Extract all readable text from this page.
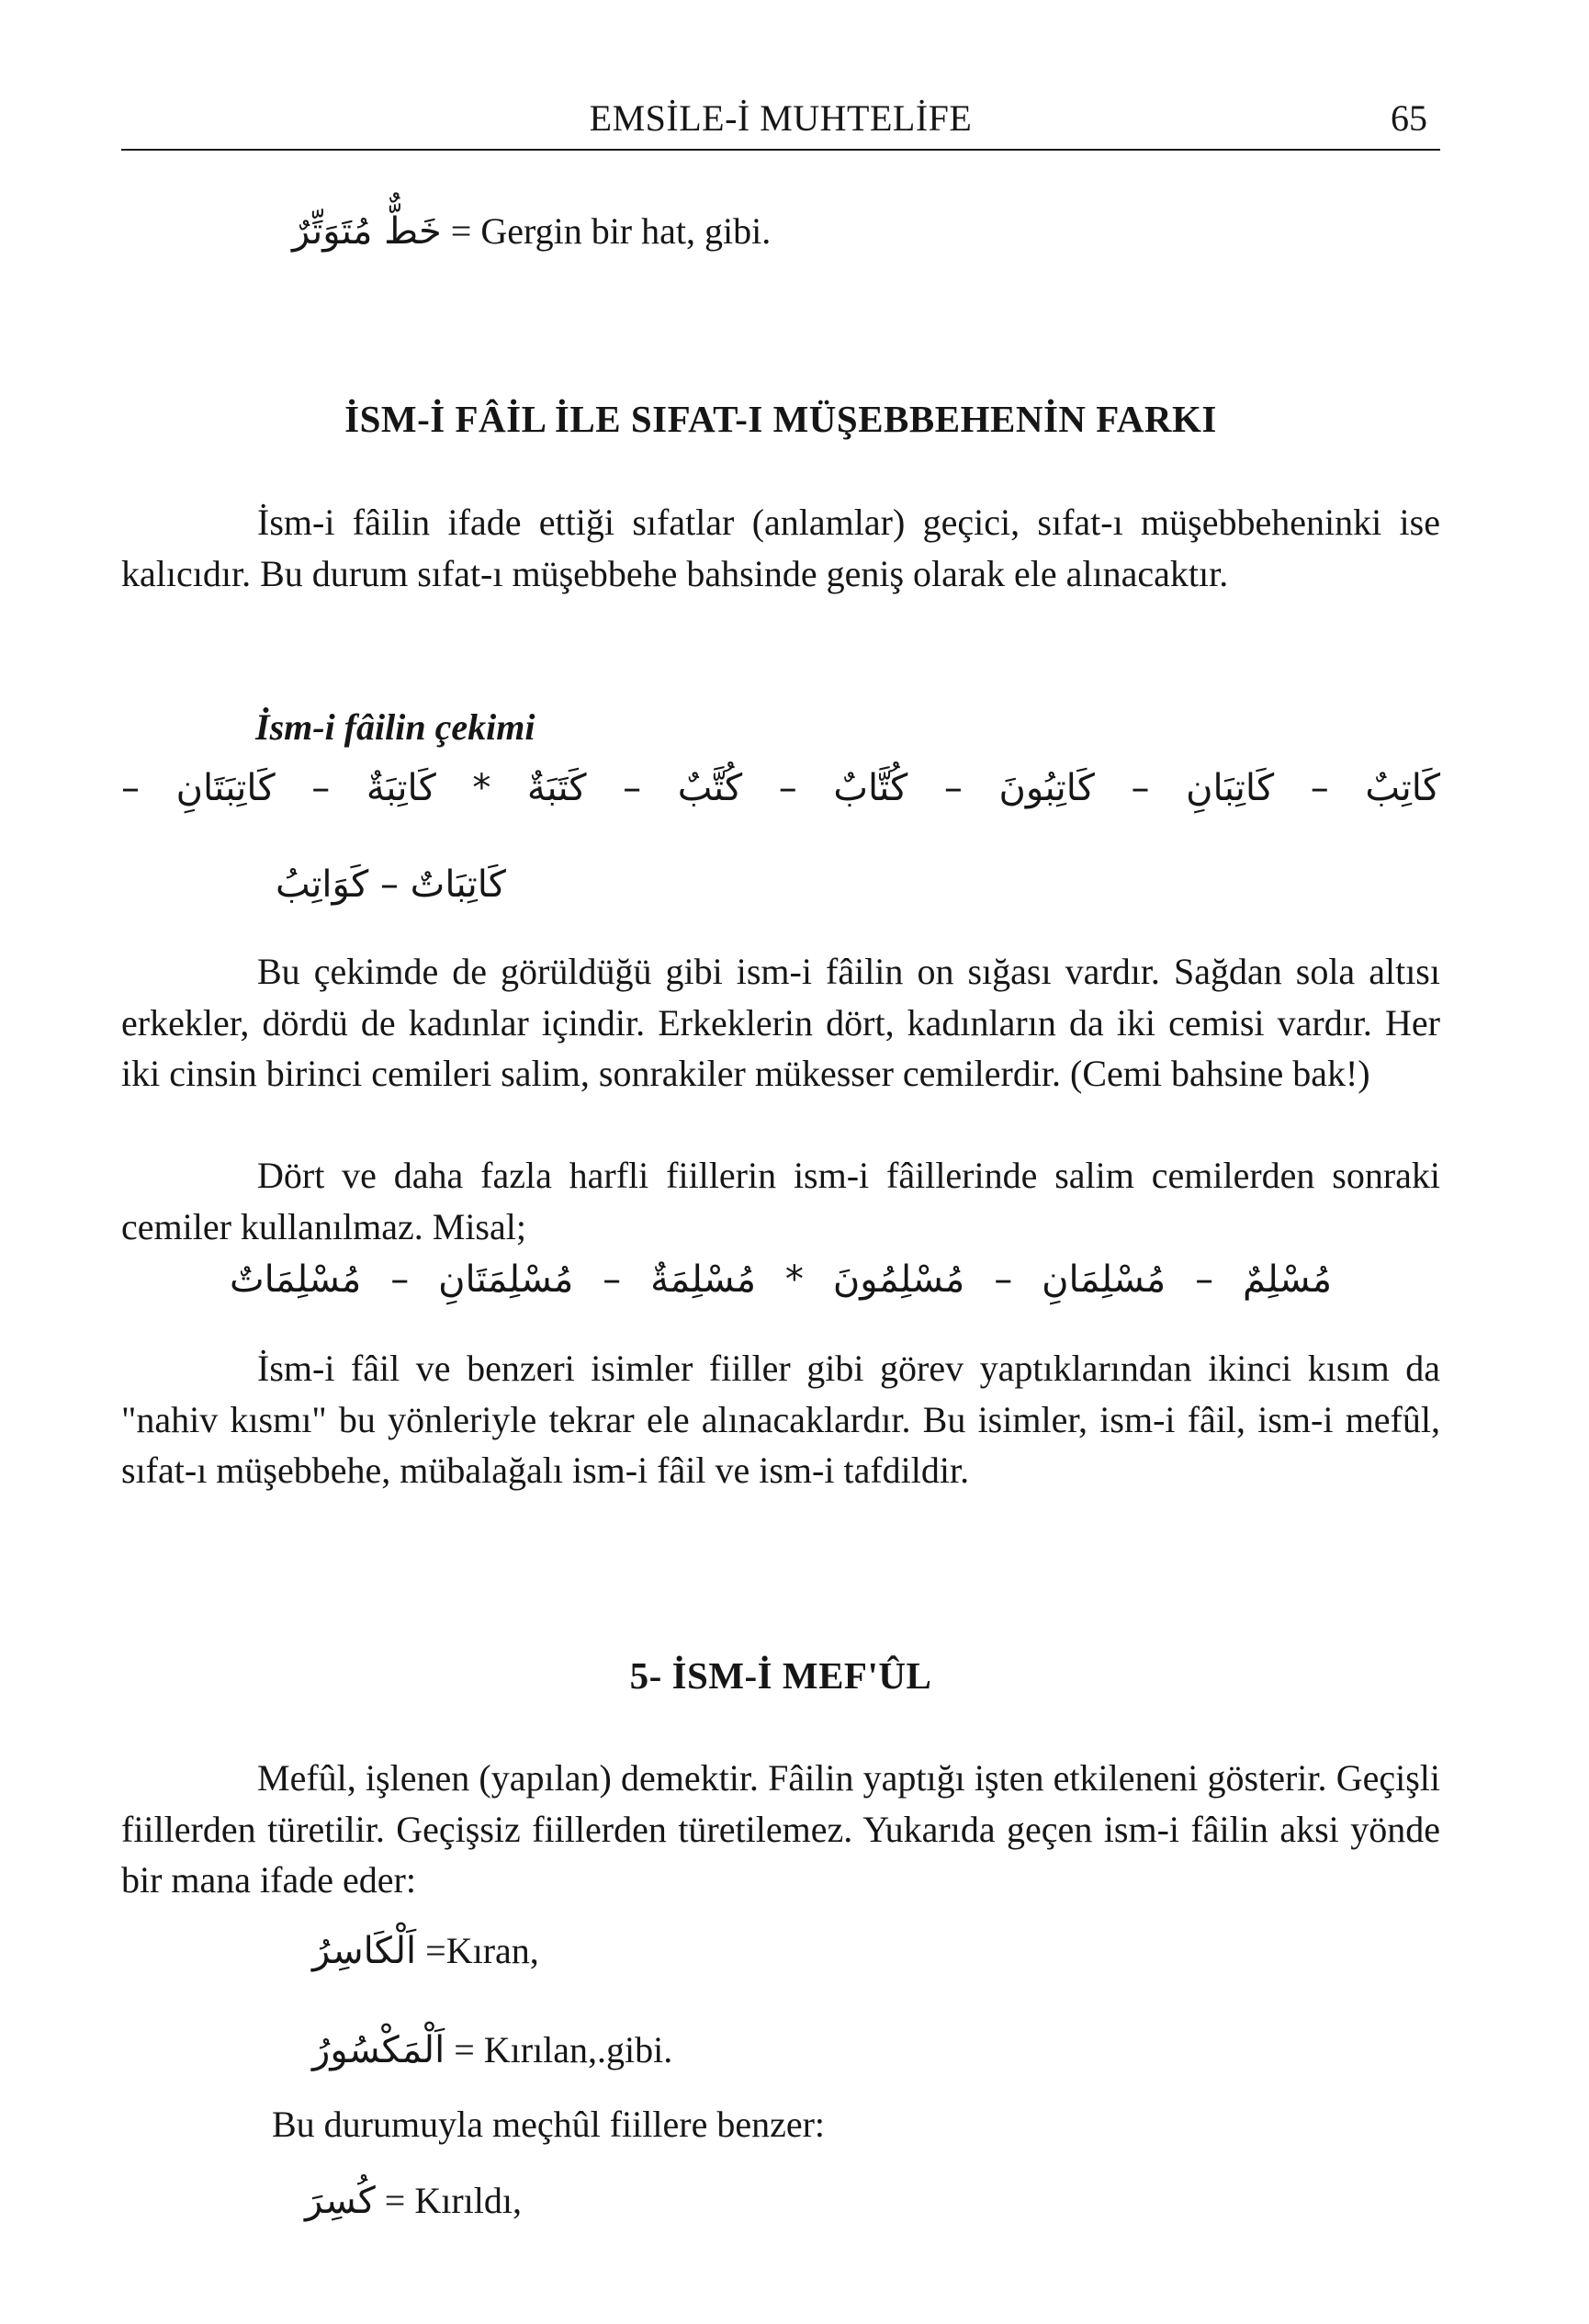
EMSİLE-İ MUHTELİFE	65
خَطٌّ مُتَوَتِّرٌ = Gergin bir hat, gibi.
İSM-İ FÂİL İLE SIFAT-I MÜŞEBBEHENİN FARKI
İsm-i fâilin ifade ettiği sıfatlar (anlamlar) geçici, sıfat-ı müşebbeheninki ise kalıcıdır. Bu durum sıfat-ı müşebbehe bahsinde geniş olarak ele alınacaktır.
İsm-i fâilin çekimi
كَاتِبٌ – كَاتِبَانِ – كَاتِبُونَ – كُتَّابٌ – كُتَّبٌ – كَتَبَةٌ * كَاتِبَةٌ – كَاتِبَتَانِ –
كَاتِبَاتٌ – كَوَاتِبُ
Bu çekimde de görüldüğü gibi ism-i fâilin on sığası vardır. Sağdan sola altısı erkekler, dördü de kadınlar içindir. Erkeklerin dört, kadınların da iki cemisi vardır. Her iki cinsin birinci cemileri salim, sonrakiler mükesser cemilerdir. (Cemi bahsine bak!)
Dört ve daha fazla harfli fiillerin ism-i fâillerinde salim cemilerden sonraki cemiler kullanılmaz. Misal;
مُسْلِمٌ – مُسْلِمَانِ – مُسْلِمُونَ * مُسْلِمَةٌ – مُسْلِمَتَانِ – مُسْلِمَاتٌ
İsm-i fâil ve benzeri isimler fiiller gibi görev yaptıklarından ikinci kısım da "nahiv kısmı" bu yönleriyle tekrar ele alınacaklardır. Bu isimler, ism-i fâil, ism-i mefûl, sıfat-ı müşebbehe, mübalağalı ism-i fâil ve ism-i tafdildir.
5- İSM-İ MEF'ÛL
Mefûl, işlenen (yapılan) demektir. Fâilin yaptığı işten etkileneni gösterir. Geçişli fiillerden türetilir. Geçişsiz fiillerden türetilemez. Yukarıda geçen ism-i fâilin aksi yönde bir mana ifade eder:
اَلْكَاسِرُ =Kıran,
اَلْمَكْسُورُ = Kırılan,.gibi.
Bu durumuyla meçhûl fiillere benzer:
كُسِرَ = Kırıldı,
